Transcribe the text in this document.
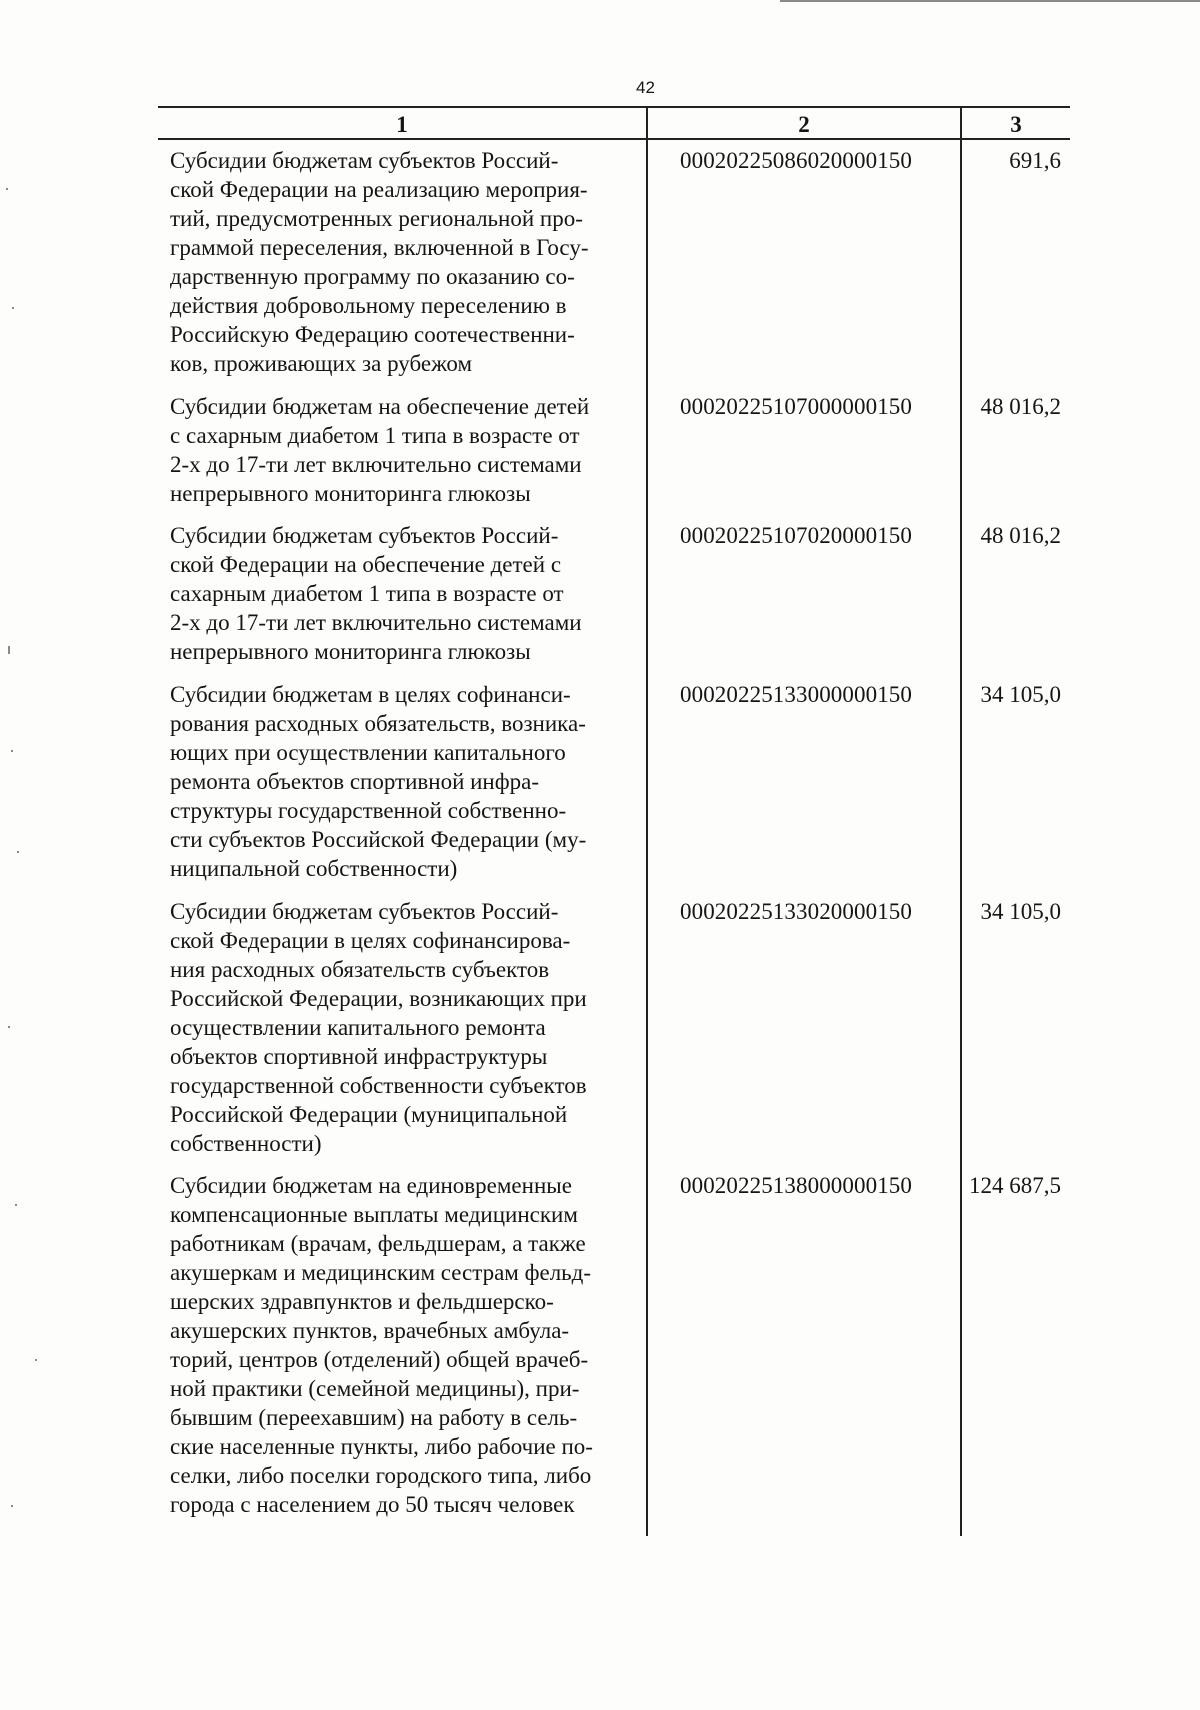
42
1	2	3
Субсидии бюджетам субъектов Россий-
ской Федерации на реализацию мероприя-
тий, предусмотренных региональной про-
граммой переселения, включенной в Госу-
дарственную программу по оказанию со-
действия добровольному переселению в
Российскую Федерацию соотечественни-
ков, проживающих за рубежом
00020225086020000150	691,6
Субсидии бюджетам на обеспечение детей
с сахарным диабетом 1 типа в возрасте от
2-х до 17-ти лет включительно системами
непрерывного мониторинга глюкозы
00020225107000000150	48 016,2
Субсидии бюджетам субъектов Россий-
ской Федерации на обеспечение детей с
сахарным диабетом 1 типа в возрасте от
2-х до 17-ти лет включительно системами
непрерывного мониторинга глюкозы
00020225107020000150	48 016,2
Субсидии бюджетам в целях софинанси-
рования расходных обязательств, возника-
ющих при осуществлении капитального
ремонта объектов спортивной инфра-
структуры государственной собственно-
сти субъектов Российской Федерации (му-
ниципальной собственности)
00020225133000000150	34 105,0
Субсидии бюджетам субъектов Россий-
ской Федерации в целях софинансирова-
ния расходных обязательств субъектов
Российской Федерации, возникающих при
осуществлении капитального ремонта
объектов спортивной инфраструктуры
государственной собственности субъектов
Российской Федерации (муниципальной
собственности)
00020225133020000150	34 105,0
Субсидии бюджетам на единовременные
компенсационные выплаты медицинским
работникам (врачам, фельдшерам, а также
акушеркам и медицинским сестрам фельд-
шерских здравпунктов и фельдшерско-
акушерских пунктов, врачебных амбула-
торий, центров (отделений) общей врачеб-
ной практики (семейной медицины), при-
бывшим (переехавшим) на работу в сель-
ские населенные пункты, либо рабочие по-
селки, либо поселки городского типа, либо
города с населением до 50 тысяч человек
00020225138000000150	124 687,5
